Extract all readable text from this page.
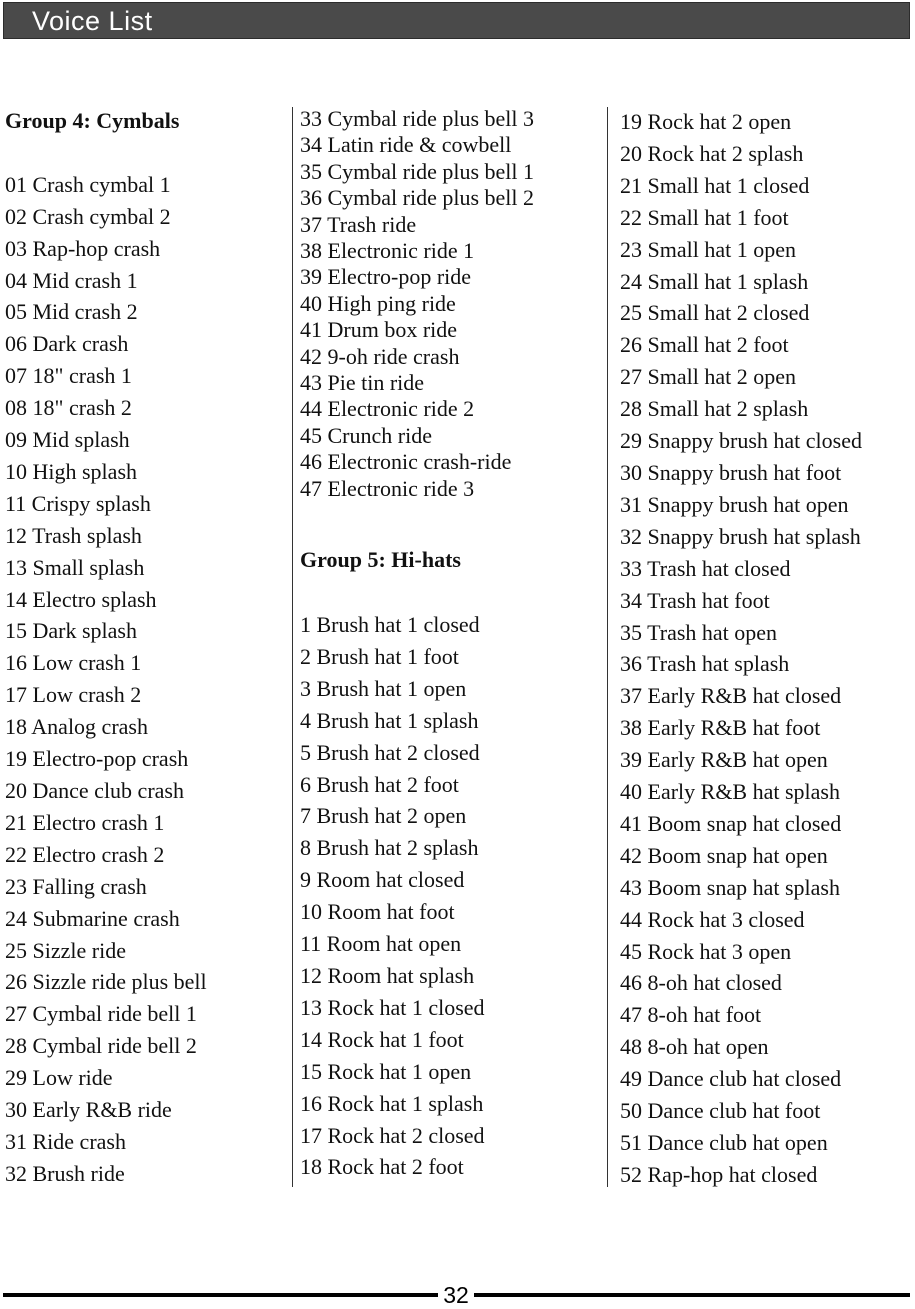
Voice List
Group 4: Cymbals
01 Crash cymbal 1
02 Crash cymbal 2
03 Rap-hop crash
04 Mid crash 1
05 Mid crash 2
06 Dark crash
07 18" crash 1
08 18" crash 2
09 Mid splash
10 High splash
11 Crispy splash
12 Trash splash
13 Small splash
14 Electro splash
15 Dark splash
16 Low crash 1
17 Low crash 2
18 Analog crash
19 Electro-pop crash
20 Dance club crash
21 Electro crash 1
22 Electro crash 2
23 Falling crash
24 Submarine crash
25 Sizzle ride
26 Sizzle ride plus bell
27 Cymbal ride bell 1
28 Cymbal ride bell 2
29 Low ride
30 Early R&B ride
31 Ride crash
32 Brush ride
33 Cymbal ride plus bell 3
34 Latin ride & cowbell
35 Cymbal ride plus bell 1
36 Cymbal ride plus bell 2
37 Trash ride
38 Electronic ride 1
39 Electro-pop ride
40 High ping ride
41 Drum box ride
42 9-oh ride crash
43 Pie tin ride
44 Electronic ride 2
45 Crunch ride
46 Electronic crash-ride
47 Electronic ride 3
Group 5: Hi-hats
1 Brush hat 1 closed
2 Brush hat 1 foot
3 Brush hat 1 open
4 Brush hat 1 splash
5 Brush hat 2 closed
6 Brush hat 2 foot
7 Brush hat 2 open
8 Brush hat 2 splash
9 Room hat closed
10 Room hat foot
11 Room hat open
12 Room hat splash
13 Rock hat 1 closed
14 Rock hat 1 foot
15 Rock hat 1 open
16 Rock hat 1 splash
17 Rock hat 2 closed
18 Rock hat 2 foot
19 Rock hat 2 open
20 Rock hat 2 splash
21 Small hat 1 closed
22 Small hat 1 foot
23 Small hat 1 open
24 Small hat 1 splash
25 Small hat 2 closed
26 Small hat 2 foot
27 Small hat 2 open
28 Small hat 2 splash
29 Snappy brush hat closed
30 Snappy brush hat foot
31 Snappy brush hat open
32 Snappy brush hat splash
33 Trash hat closed
34 Trash hat foot
35 Trash hat open
36 Trash hat splash
37 Early R&B hat closed
38 Early R&B hat foot
39 Early R&B hat open
40 Early R&B hat splash
41 Boom snap hat closed
42 Boom snap hat open
43 Boom snap hat splash
44 Rock hat 3 closed
45 Rock hat 3 open
46 8-oh hat closed
47 8-oh hat foot
48 8-oh hat open
49 Dance club hat closed
50 Dance club hat foot
51 Dance club hat open
52 Rap-hop hat closed
32
